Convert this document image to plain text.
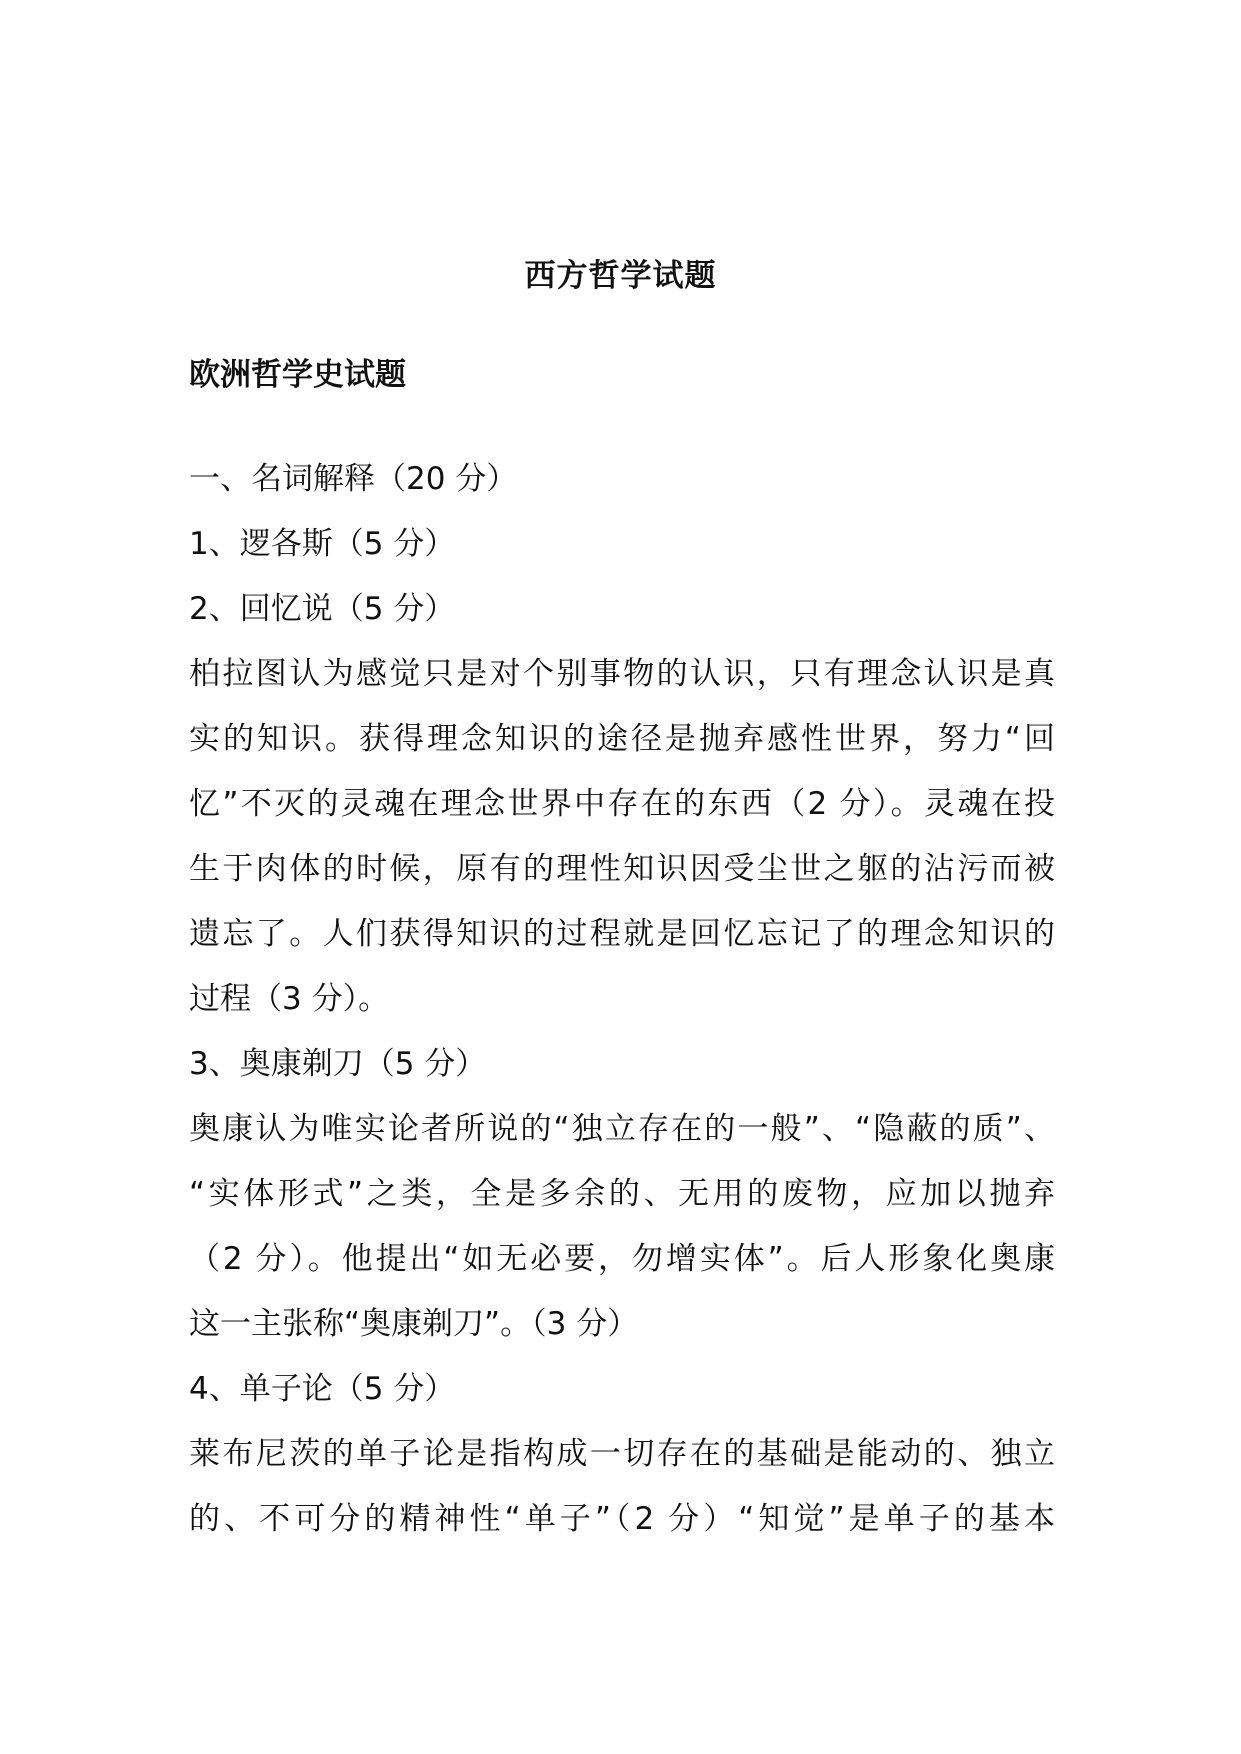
西方哲学试题
欧洲哲学史试题
一、名词解释（20 分）
1、逻各斯（5 分）
2、回忆说（5 分）
柏拉图认为感觉只是对个别事物的认识，只有理念认识是真
实的知识。获得理念知识的途径是抛弃感性世界，努力“回
忆”不灭的灵魂在理念世界中存在的东西（2 分）。灵魂在投
生于肉体的时候，原有的理性知识因受尘世之躯的沾污而被
遗忘了。人们获得知识的过程就是回忆忘记了的理念知识的
过程（3 分）。
3、奥康剃刀（5 分）
奥康认为唯实论者所说的“独立存在的一般”、“隐蔽的质”、
“实体形式”之类，全是多余的、无用的废物，应加以抛弃
（2 分）。他提出“如无必要，勿增实体”。后人形象化奥康
这一主张称“奥康剃刀”。（3 分）
4、单子论（5 分）
莱布尼茨的单子论是指构成一切存在的基础是能动的、独立
的、不可分的精神性“单子”（2 分）“知觉”是单子的基本
